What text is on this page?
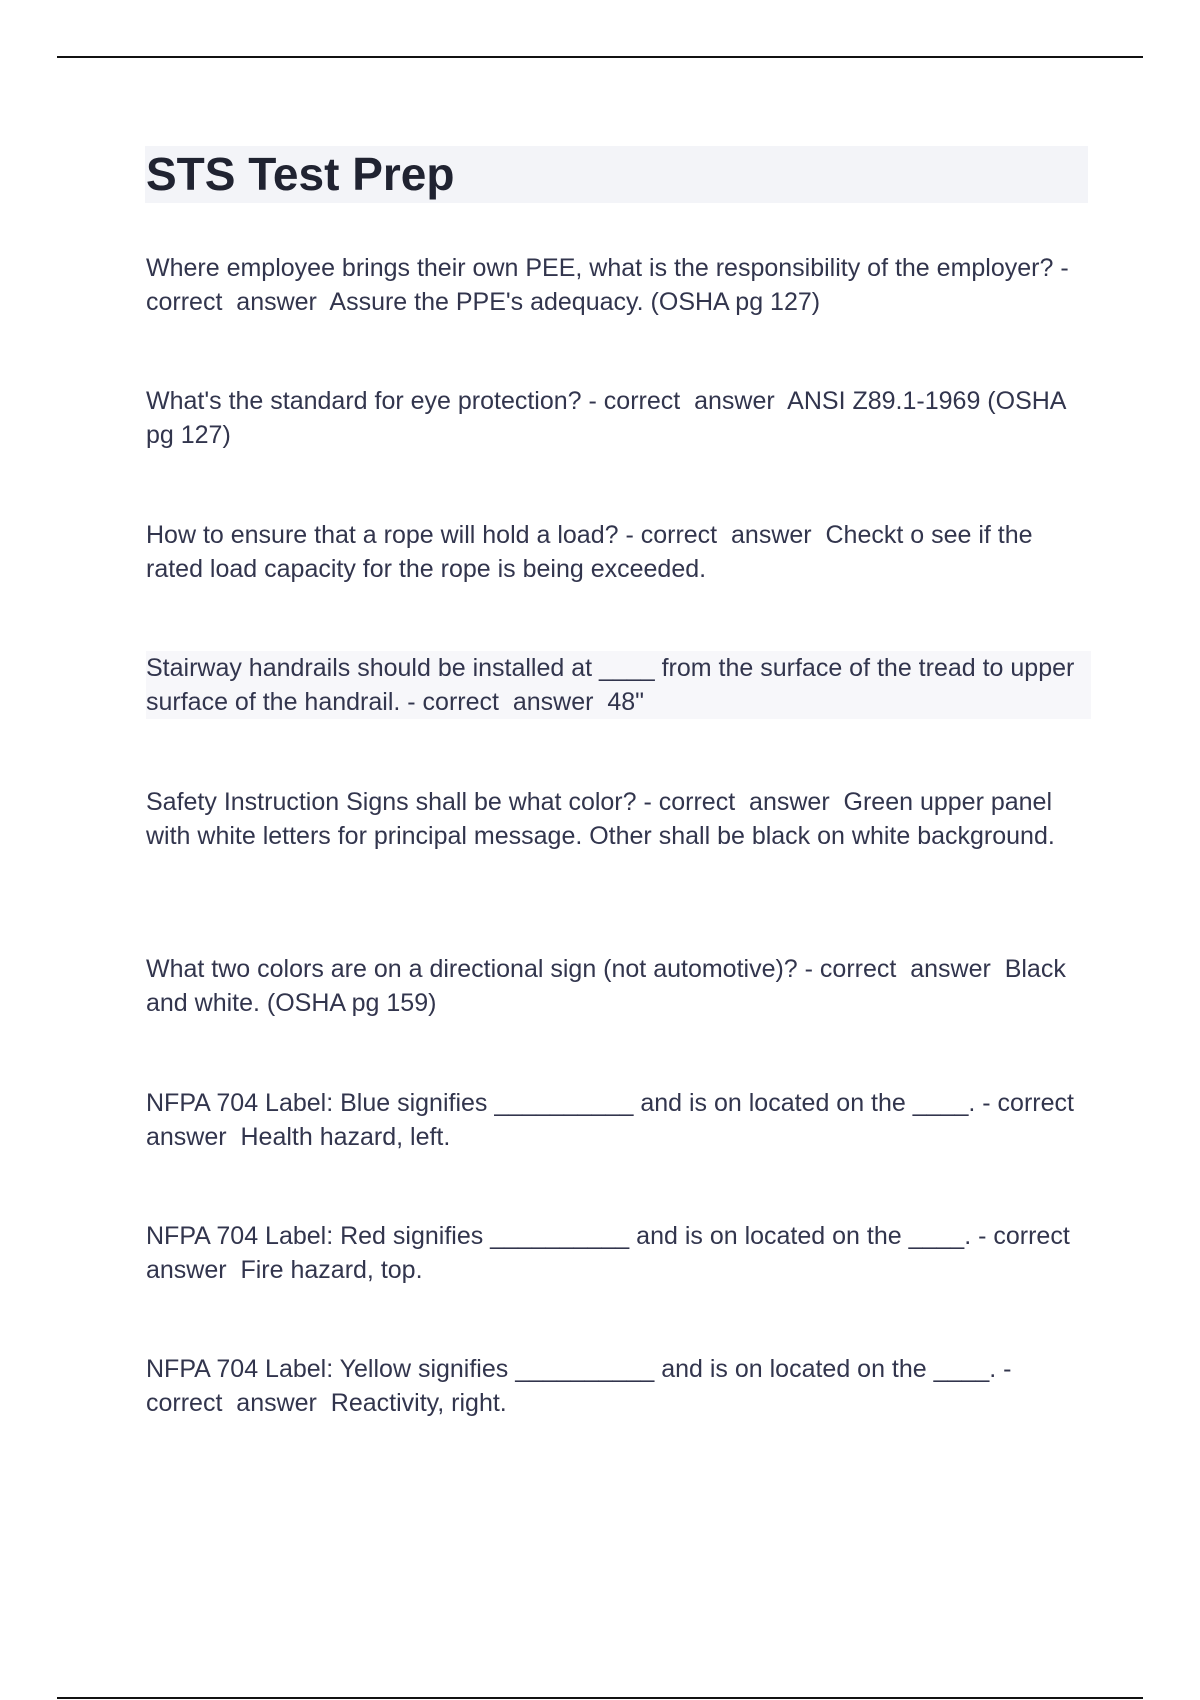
STS Test Prep

Where employee brings their own PEE, what is the responsibility of the employer? - correct  answer  Assure the PPE's adequacy. (OSHA pg 127)

What's the standard for eye protection? - correct  answer  ANSI Z89.1-1969 (OSHA pg 127)

How to ensure that a rope will hold a load? - correct  answer  Checkt o see if the rated load capacity for the rope is being exceeded.

Stairway handrails should be installed at ____ from the surface of the tread to upper surface of the handrail. - correct  answer  48"

Safety Instruction Signs shall be what color? - correct  answer  Green upper panel with white letters for principal message. Other shall be black on white background.

What two colors are on a directional sign (not automotive)? - correct  answer  Black and white. (OSHA pg 159)

NFPA 704 Label: Blue signifies __________ and is on located on the ____. - correct  answer  Health hazard, left.

NFPA 704 Label: Red signifies __________ and is on located on the ____. - correct  answer  Fire hazard, top.

NFPA 704 Label: Yellow signifies __________ and is on located on the ____. - correct  answer  Reactivity, right.
